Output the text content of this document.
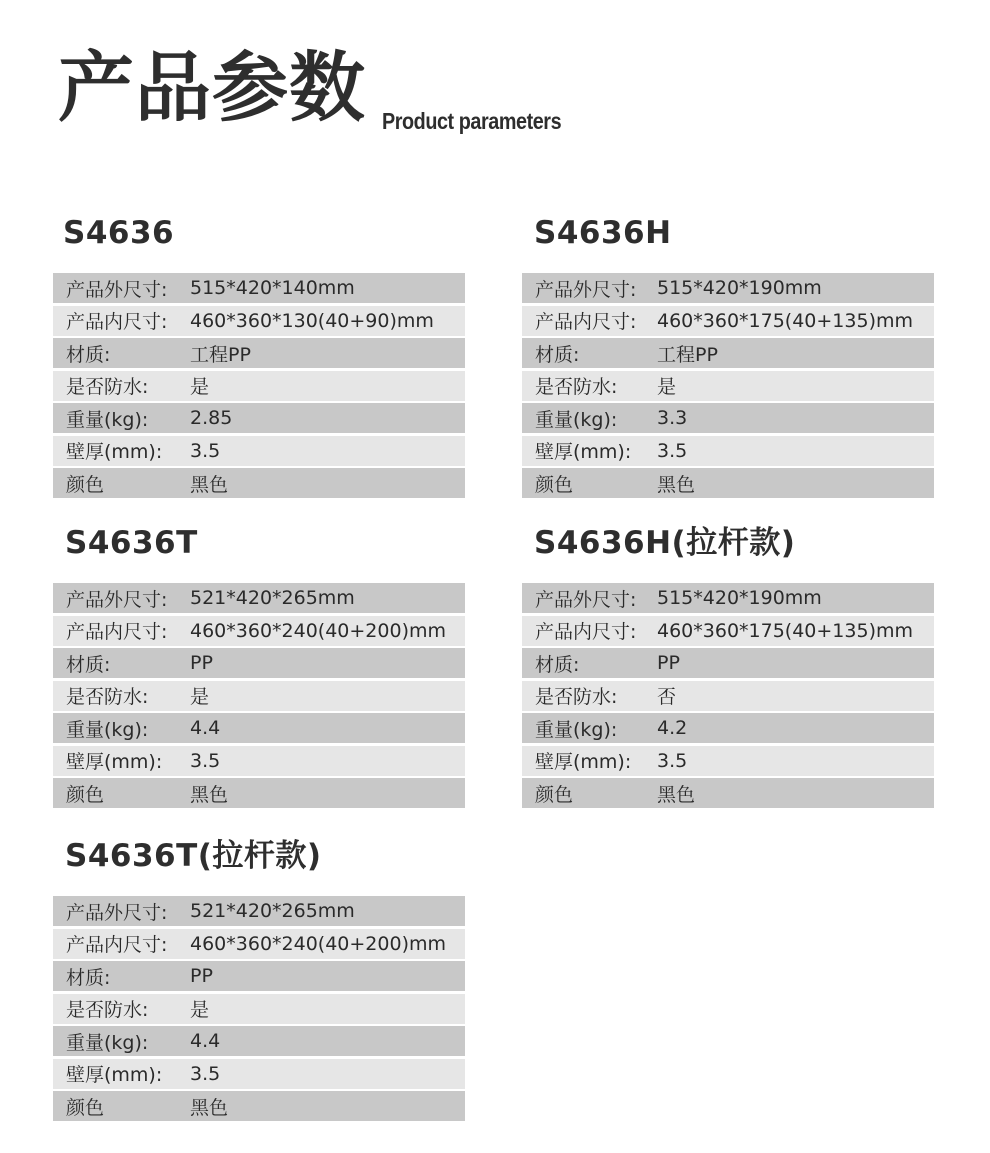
产品参数 Product parameters
S4636
产品外尺寸:	515*420*140mm
产品内尺寸:	460*360*130(40+90)mm
材质:	工程PP
是否防水:	是
重量(kg):	2.85
壁厚(mm):	3.5
颜色	黑色
S4636H
产品外尺寸:	515*420*190mm
产品内尺寸:	460*360*175(40+135)mm
材质:	工程PP
是否防水:	是
重量(kg):	3.3
壁厚(mm):	3.5
颜色	黑色
S4636T
产品外尺寸:	521*420*265mm
产品内尺寸:	460*360*240(40+200)mm
材质:	PP
是否防水:	是
重量(kg):	4.4
壁厚(mm):	3.5
颜色	黑色
S4636H(拉杆款)
产品外尺寸:	515*420*190mm
产品内尺寸:	460*360*175(40+135)mm
材质:	PP
是否防水:	否
重量(kg):	4.2
壁厚(mm):	3.5
颜色	黑色
S4636T(拉杆款)
产品外尺寸:	521*420*265mm
产品内尺寸:	460*360*240(40+200)mm
材质:	PP
是否防水:	是
重量(kg):	4.4
壁厚(mm):	3.5
颜色	黑色
